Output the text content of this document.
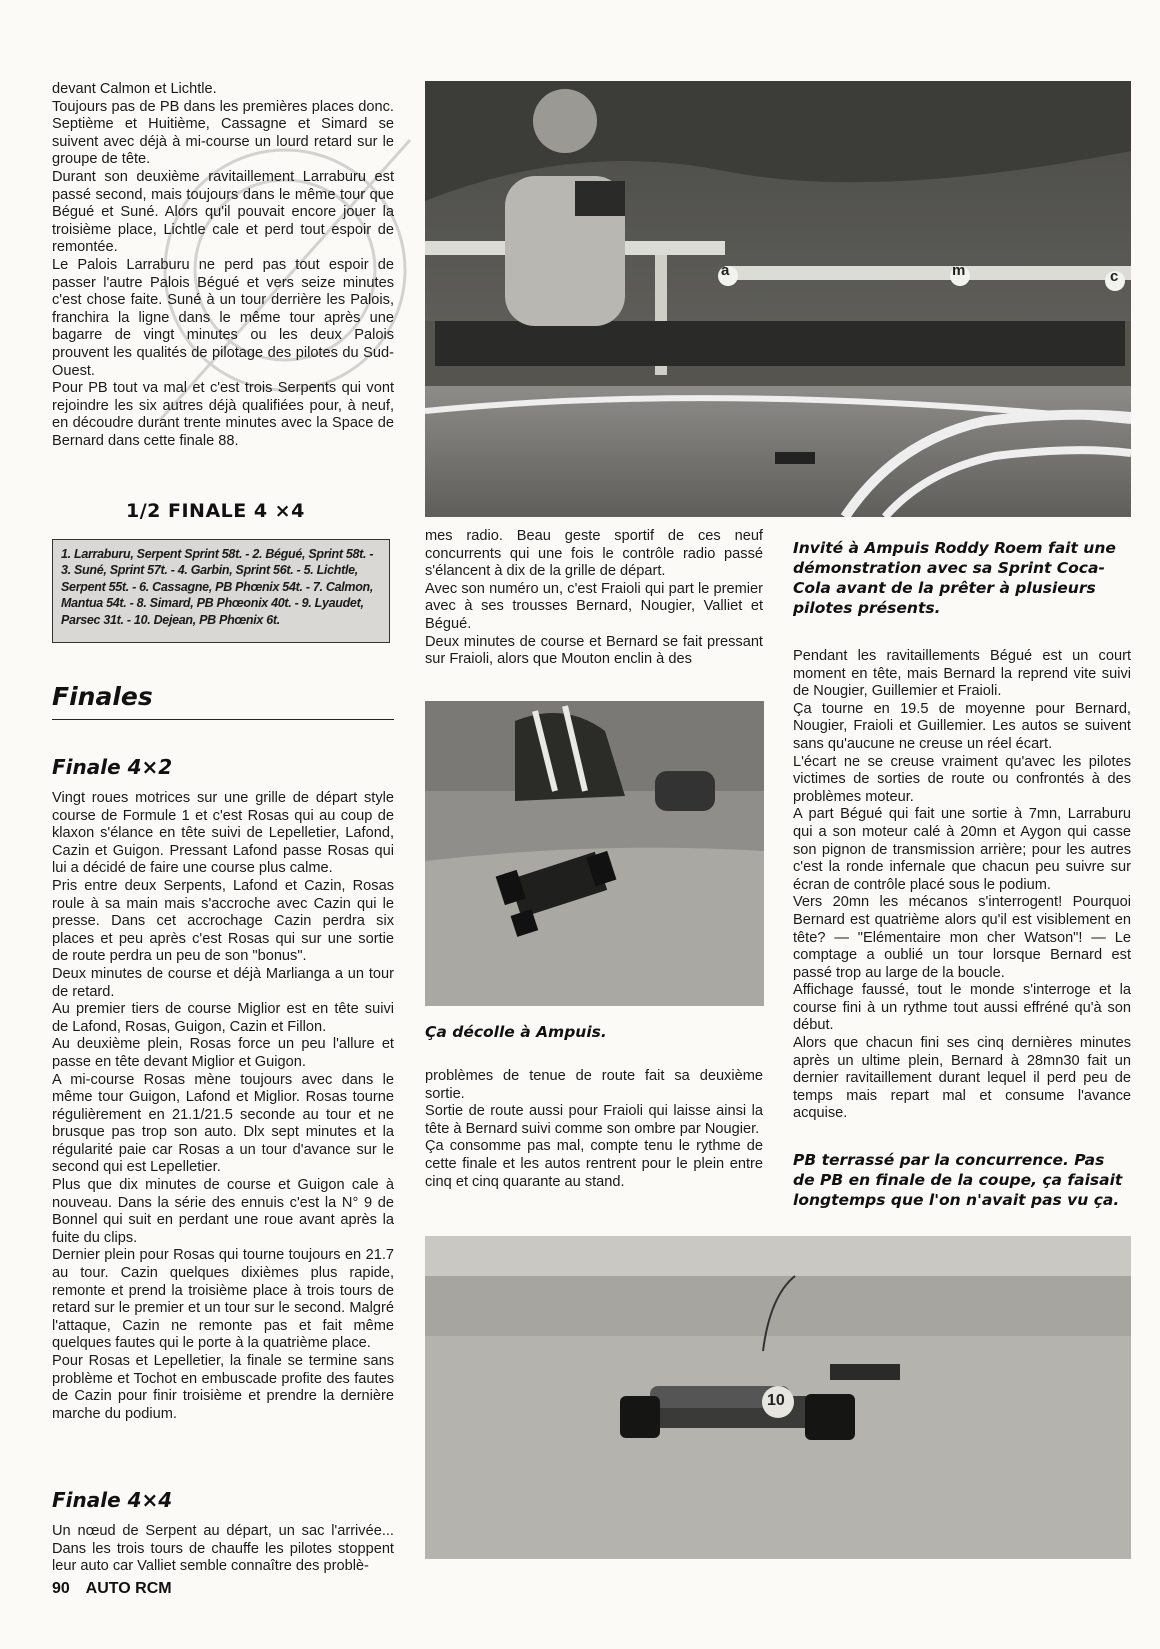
devant Calmon et Lichtle.

Toujours pas de PB dans les premières places donc. Septième et Huitième, Cassagne et Simard se suivent avec déjà à mi-course un lourd retard sur le groupe de tête.

Durant son deuxième ravitaillement Larraburu est passé second, mais toujours dans le même tour que Bégué et Suné. Alors qu'il pouvait encore jouer la troisième place, Lichtle cale et perd tout espoir de remontée.

Le Palois Larraburu ne perd pas tout espoir de passer l'autre Palois Bégué et vers seize minutes c'est chose faite. Suné à un tour derrière les Palois, franchira la ligne dans le même tour après une bagarre de vingt minutes ou les deux Palois prouvent les qualités de pilotage des pilotes du Sud-Ouest.

Pour PB tout va mal et c'est trois Serpents qui vont rejoindre les six autres déjà qualifiées pour, à neuf, en découdre durant trente minutes avec la Space de Bernard dans cette finale 88.

1/2 FINALE 4 ×4
1. Larraburu, Serpent Sprint 58t. - 2. Bégué, Sprint 58t. - 3. Suné, Sprint 57t. - 4. Garbin, Sprint 56t. - 5. Lichtle, Serpent 55t. - 6. Cassagne, PB Phœnix 54t. - 7. Calmon, Mantua 54t. - 8. Simard, PB Phœonix 40t. - 9. Lyaudet, Parsec 31t. - 10. Dejean, PB Phœnix 6t.
Finales
Finale 4×2

Vingt roues motrices sur une grille de départ style course de Formule 1 et c'est Rosas qui au coup de klaxon s'élance en tête suivi de Lepelletier, Lafond, Cazin et Guigon. Pressant Lafond passe Rosas qui lui a décidé de faire une course plus calme.

Pris entre deux Serpents, Lafond et Cazin, Rosas roule à sa main mais s'accroche avec Cazin qui le presse. Dans cet accrochage Cazin perdra six places et peu après c'est Rosas qui sur une sortie de route perdra un peu de son "bonus".

Deux minutes de course et déjà Marlianga a un tour de retard.

Au premier tiers de course Miglior est en tête suivi de Lafond, Rosas, Guigon, Cazin et Fillon.

Au deuxième plein, Rosas force un peu l'allure et passe en tête devant Miglior et Guigon.

A mi-course Rosas mène toujours avec dans le même tour Guigon, Lafond et Miglior. Rosas tourne régulièrement en 21.1/21.5 seconde au tour et ne brusque pas trop son auto. Dlx sept minutes et la régularité paie car Rosas a un tour d'avance sur le second qui est Lepelletier.

Plus que dix minutes de course et Guigon cale à nouveau. Dans la série des ennuis c'est la N° 9 de Bonnel qui suit en perdant une roue avant après la fuite du clips.

Dernier plein pour Rosas qui tourne toujours en 21.7 au tour. Cazin quelques dixièmes plus rapide, remonte et prend la troisième place à trois tours de retard sur le premier et un tour sur le second. Malgré l'attaque, Cazin ne remonte pas et fait même quelques fautes qui le porte à la quatrième place.

Pour Rosas et Lepelletier, la finale se termine sans problème et Tochot en embuscade profite des fautes de Cazin pour finir troisième et prendre la dernière marche du podium.

Finale 4×4

Un nœud de Serpent au départ, un sac l'arrivée... Dans les trois tours de chauffe les pilotes stoppent leur auto car Valliet semble connaître des problè-

a	m	c

mes radio. Beau geste sportif de ces neuf concurrents qui une fois le contrôle radio passé s'élancent à dix de la grille de départ.

Avec son numéro un, c'est Fraioli qui part le premier avec à ses trousses Bernard, Nougier, Valliet et Bégué.

Deux minutes de course et Bernard se fait pressant sur Fraioli, alors que Mouton enclin à des

Ça décolle à Ampuis.

problèmes de tenue de route fait sa deuxième sortie.

Sortie de route aussi pour Fraioli qui laisse ainsi la tête à Bernard suivi comme son ombre par Nougier.

Ça consomme pas mal, compte tenu le rythme de cette finale et les autos rentrent pour le plein entre cinq et cinq quarante au stand.

Invité à Ampuis Roddy Roem fait une démonstration avec sa Sprint Coca-Cola avant de la prêter à plusieurs pilotes présents.

Pendant les ravitaillements Bégué est un court moment en tête, mais Bernard la reprend vite suivi de Nougier, Guillemier et Fraioli.

Ça tourne en 19.5 de moyenne pour Bernard, Nougier, Fraioli et Guillemier. Les autos se suivent sans qu'aucune ne creuse un réel écart.

L'écart ne se creuse vraiment qu'avec les pilotes victimes de sorties de route ou confrontés à des problèmes moteur.

A part Bégué qui fait une sortie à 7mn, Larraburu qui a son moteur calé à 20mn et Aygon qui casse son pignon de transmission arrière; pour les autres c'est la ronde infernale que chacun peu suivre sur écran de contrôle placé sous le podium.

Vers 20mn les mécanos s'interrogent! Pourquoi Bernard est quatrième alors qu'il est visiblement en tête? — "Elémentaire mon cher Watson"! — Le comptage a oublié un tour lorsque Bernard est passé trop au large de la boucle.

Affichage faussé, tout le monde s'interroge et la course fini à un rythme tout aussi effréné qu'à son début.

Alors que chacun fini ses cinq dernières minutes après un ultime plein, Bernard à 28mn30 fait un dernier ravitaillement durant lequel il perd peu de temps mais repart mal et consume l'avance acquise.

PB terrassé par la concurrence. Pas de PB en finale de la coupe, ça faisait longtemps que l'on n'avait pas vu ça.
10
90 AUTO RCM
